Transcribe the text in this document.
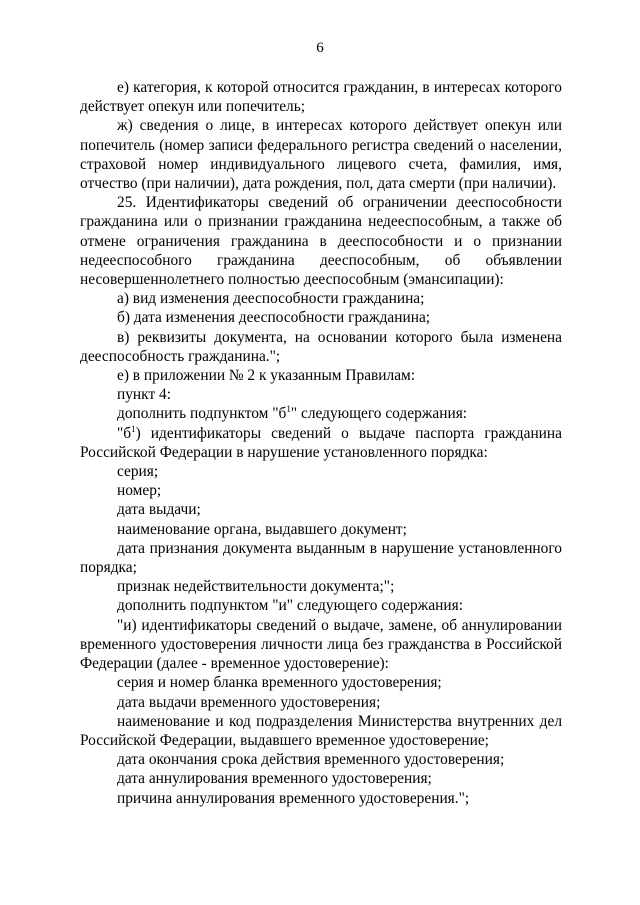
6

е) категория, к которой относится гражданин, в интересах которого действует опекун или попечитель;

ж) сведения о лице, в интересах которого действует опекун или попечитель (номер записи федерального регистра сведений о населении, страховой номер индивидуального лицевого счета, фамилия, имя, отчество (при наличии), дата рождения, пол, дата смерти (при наличии).

25. Идентификаторы сведений об ограничении дееспособности гражданина или о признании гражданина недееспособным, а также об отмене ограничения гражданина в дееспособности и о признании недееспособного гражданина дееспособным, об объявлении несовершеннолетнего полностью дееспособным (эмансипации):

а) вид изменения дееспособности гражданина;

б) дата изменения дееспособности гражданина;

в) реквизиты документа, на основании которого была изменена дееспособность гражданина.";

е) в приложении № 2 к указанным Правилам:

пункт 4:

дополнить подпунктом "$б^1$" следующего содержания:

"$б^1$) идентификаторы сведений о выдаче паспорта гражданина Российской Федерации в нарушение установленного порядка:

серия;

номер;

дата выдачи;

наименование органа, выдавшего документ;

дата признания документа выданным в нарушение установленного порядка;

признак недействительности документа;";

дополнить подпунктом "и" следующего содержания:

"и) идентификаторы сведений о выдаче, замене, об аннулировании временного удостоверения личности лица без гражданства в Российской Федерации (далее - временное удостоверение):

серия и номер бланка временного удостоверения;

дата выдачи временного удостоверения;

наименование и код подразделения Министерства внутренних дел Российской Федерации, выдавшего временное удостоверение;

дата окончания срока действия временного удостоверения;

дата аннулирования временного удостоверения;

причина аннулирования временного удостоверения.";
